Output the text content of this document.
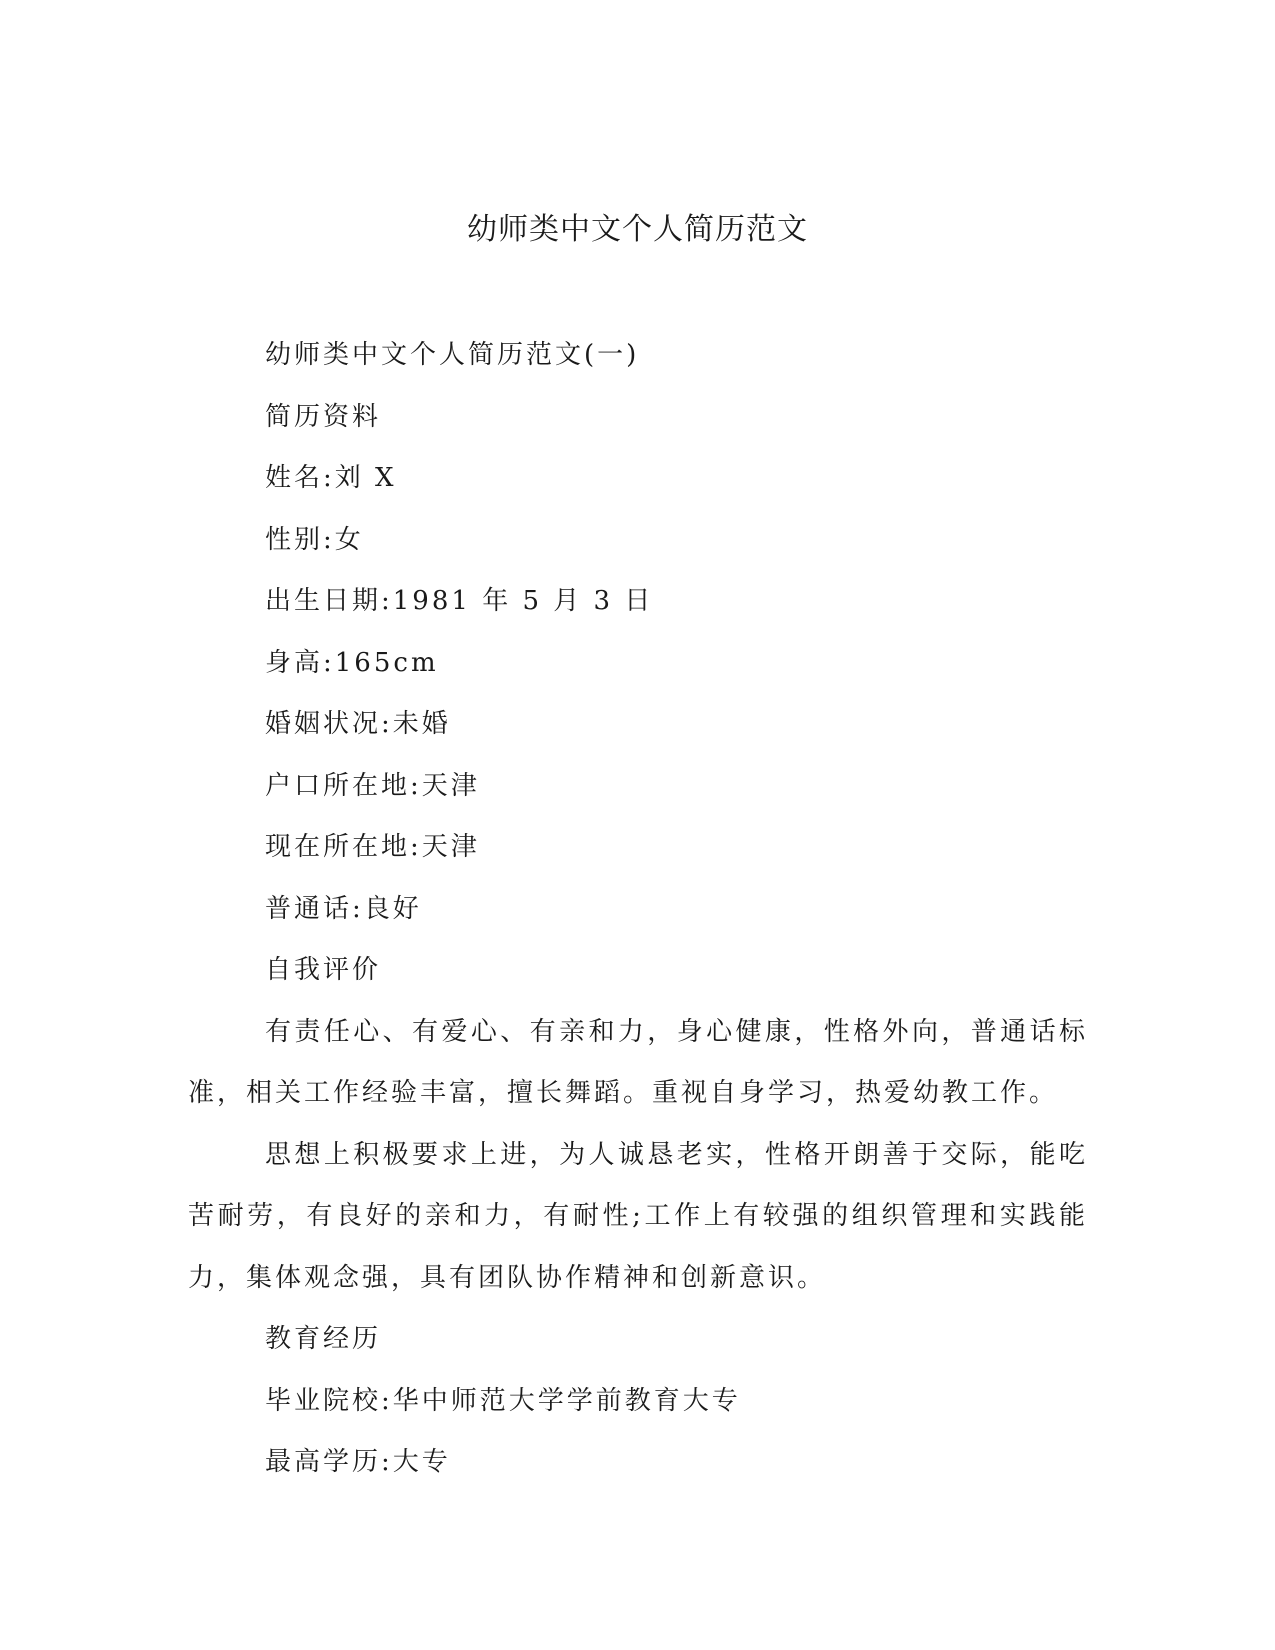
幼师类中文个人简历范文

幼师类中文个人简历范文(一)

简历资料

姓名:刘 X

性别:女

出生日期:1981 年 5 月 3 日

身高:165cm

婚姻状况:未婚

户口所在地:天津

现在所在地:天津

普通话:良好

自我评价

有责任心、有爱心、有亲和力，身心健康，性格外向，普通话标准，相关工作经验丰富，擅长舞蹈。重视自身学习，热爱幼教工作。

思想上积极要求上进，为人诚恳老实，性格开朗善于交际，能吃苦耐劳，有良好的亲和力，有耐性;工作上有较强的组织管理和实践能力，集体观念强，具有团队协作精神和创新意识。

教育经历

毕业院校:华中师范大学学前教育大专

最高学历:大专
